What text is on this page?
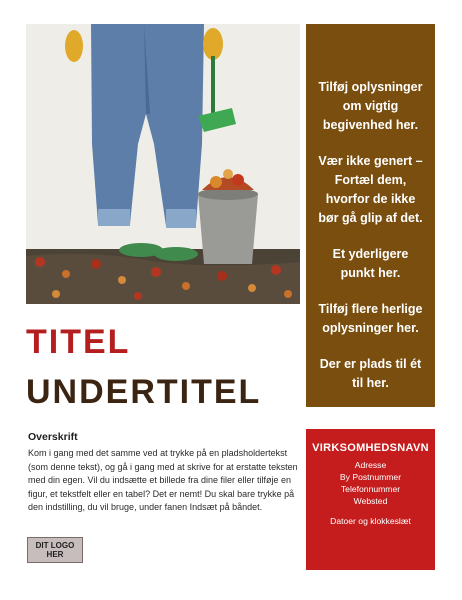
Tilføj oplysninger om vigtig begivenhed her.

Vær ikke genert – Fortæl dem, hvorfor de ikke bør gå glip af det.

Et yderligere punkt her.

Tilføj flere herlige oplysninger her.

Der er plads til ét til her.

TITEL
UNDERTITEL
Overskrift

Kom i gang med det samme ved at trykke på en pladsholdertekst (som denne tekst), og gå i gang med at skrive for at erstatte teksten med din egen. Vil du indsætte et billede fra dine filer eller tilføje en figur, et tekstfelt eller en tabel? Det er nemt! Du skal bare trykke på den indstilling, du vil bruge, under fanen Indsæt på båndet.

DIT LOGO HER

VIRKSOMHEDSNAVN

Adresse

By Postnummer

Telefonnummer

Websted

Datoer og klokkeslæt
